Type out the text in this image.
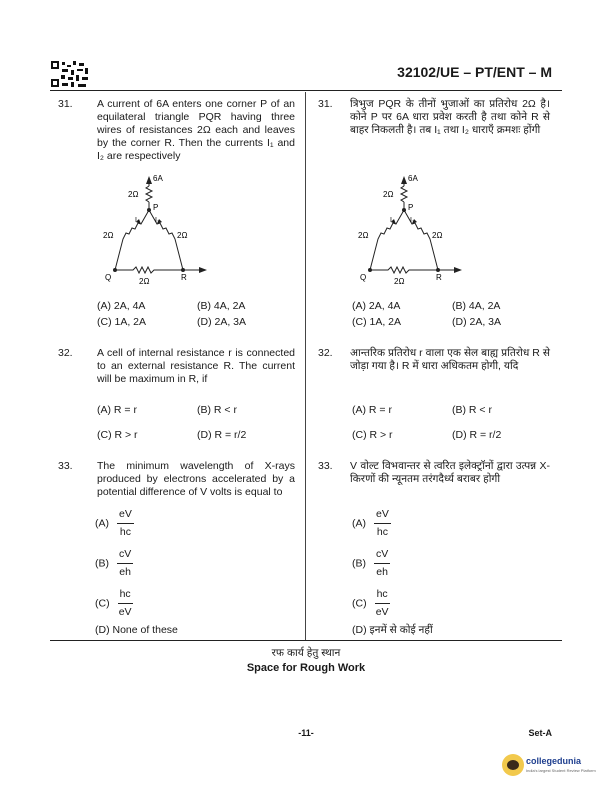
32102/UE – PT/ENT – M
31. A current of 6A enters one corner P of an equilateral triangle PQR having three wires of resistances 2Ω each and leaves by the corner R. Then the currents I₁ and I₂ are respectively
6A
2Ω
P
I₁ I₂
2Ω	2Ω
Q	R
2Ω
(A) 2A, 4A	(B) 4A, 2A
(C) 1A, 2A	(D) 2A, 3A
32. A cell of internal resistance r is connected to an external resistance R. The current will be maximum in R, if
(A) R = r	(B) R < r
(C) R > r	(D) R = r/2
33. The minimum wavelength of X-rays produced by electrons accelerated by a potential difference of V volts is equal to
$(A) \frac{eV}{hc}$
$(B) \frac{cV}{eh}$
$(C) \frac{hc}{eV}$
(D) None of these
31. त्रिभुज PQR के तीनों भुजाओं का प्रतिरोध 2Ω है। कोने P पर 6A धारा प्रवेश करती है तथा कोने R से बाहर निकलती है। तब I₁ तथा I₂ धाराएँ क्रमशः होंगी
6A
2Ω
P
I₁ I₂
2Ω	2Ω
Q	R
2Ω
(A) 2A, 4A	(B) 4A, 2A
(C) 1A, 2A	(D) 2A, 3A
32. आन्तरिक प्रतिरोध r वाला एक सेल बाह्य प्रतिरोध R से जोड़ा गया है। R में धारा अधिकतम होगी, यदि
(A) R = r	(B) R < r
(C) R > r	(D) R = r/2
33. V वोल्ट विभवान्तर से त्वरित इलेक्ट्रॉनों द्वारा उत्पन्न X-किरणों की न्यूनतम तरंगदैर्ध्य बराबर होगी
$(A) \frac{eV}{hc}$
$(B) \frac{cV}{eh}$
$(C) \frac{hc}{eV}$
(D) इनमें से कोई नहीं
रफ कार्य हेतु स्थान
Space for Rough Work
-11-	Set-A
collegedunia
India's largest Student Review Platform
